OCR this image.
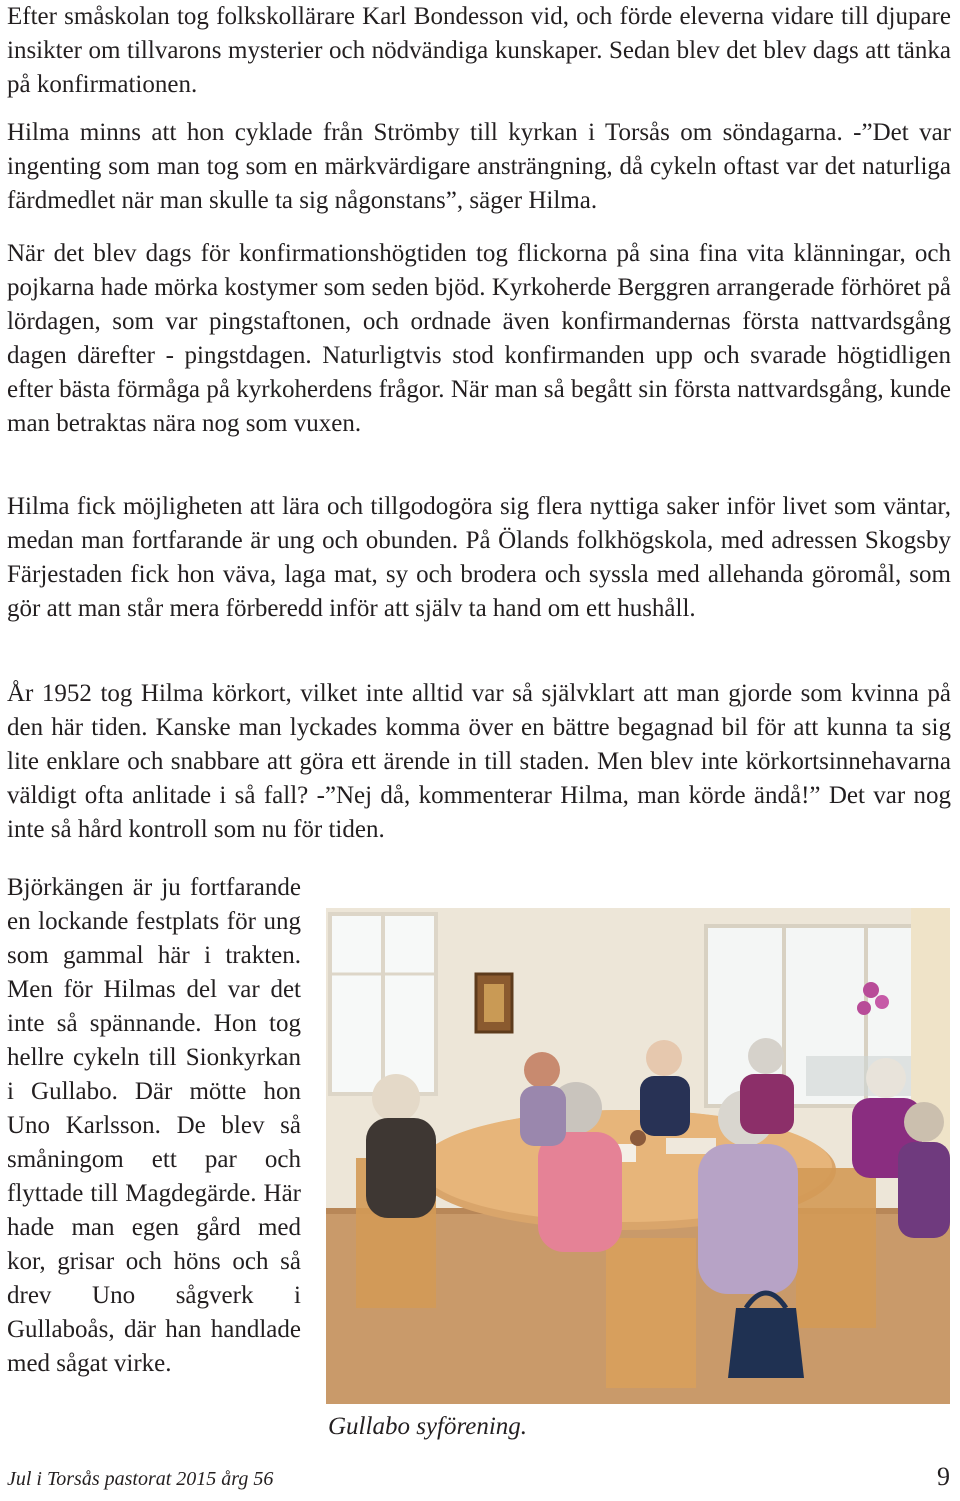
Efter småskolan tog folkskollärare Karl Bondesson vid, och förde eleverna vidare till djupare insikter om tillvarons mysterier och nödvändiga kunskaper. Sedan blev det blev dags att tänka på konfirmationen.

Hilma minns att hon cyklade från Strömby till kyrkan i Torsås om söndagarna. -”Det var ingenting som man tog som en märkvärdigare ansträngning, då cykeln oftast var det naturliga färdmedlet när man skulle ta sig någonstans”, säger Hilma.

När det blev dags för konfirmationshögtiden tog flickorna på sina fina vita klänningar, och pojkarna hade mörka kostymer som seden bjöd. Kyrkoherde Berggren arrangerade förhöret på lördagen, som var pingstaftonen, och ordnade även konfirmandernas första nattvardsgång dagen därefter - pingstdagen. Naturligtvis stod konfirmanden upp och svarade högtidligen efter bästa förmåga på kyrkoherdens frågor. När man så begått sin första nattvardsgång, kunde man betraktas nära nog som vuxen.

Hilma fick möjligheten att lära och tillgodogöra sig flera nyttiga saker inför livet som väntar, medan man fortfarande är ung och obunden. På Ölands folkhögskola, med adressen Skogsby Färjestaden fick hon väva, laga mat, sy och brodera och syssla med allehanda göromål, som gör att man står mera förberedd inför att själv ta hand om ett hushåll.

År 1952 tog Hilma körkort, vilket inte alltid var så självklart att man gjorde som kvinna på den här tiden. Kanske man lyckades komma över en bättre begagnad bil för att kunna ta sig lite enklare och snabbare att göra ett ärende in till staden. Men blev inte körkortsinnehavarna väldigt ofta anlitade i så fall? -”Nej då, kommenterar Hilma, man körde ändå!” Det var nog inte så hård kontroll som nu för tiden.

Björkängen är ju fortfarande en lockande festplats för ung som gammal här i trakten. Men för Hilmas del var det inte så spännande. Hon tog hellre cykeln till Sionkyrkan i Gullabo. Där mötte hon Uno Karlsson. De blev så småningom ett par och flyttade till Magdegärde. Här hade man egen gård med kor, grisar och höns och så drev Uno sågverk i Gullaboås, där han handlade med sågat virke.

Gullabo syförening.
Jul i Torsås pastorat 2015 årg 56	9
